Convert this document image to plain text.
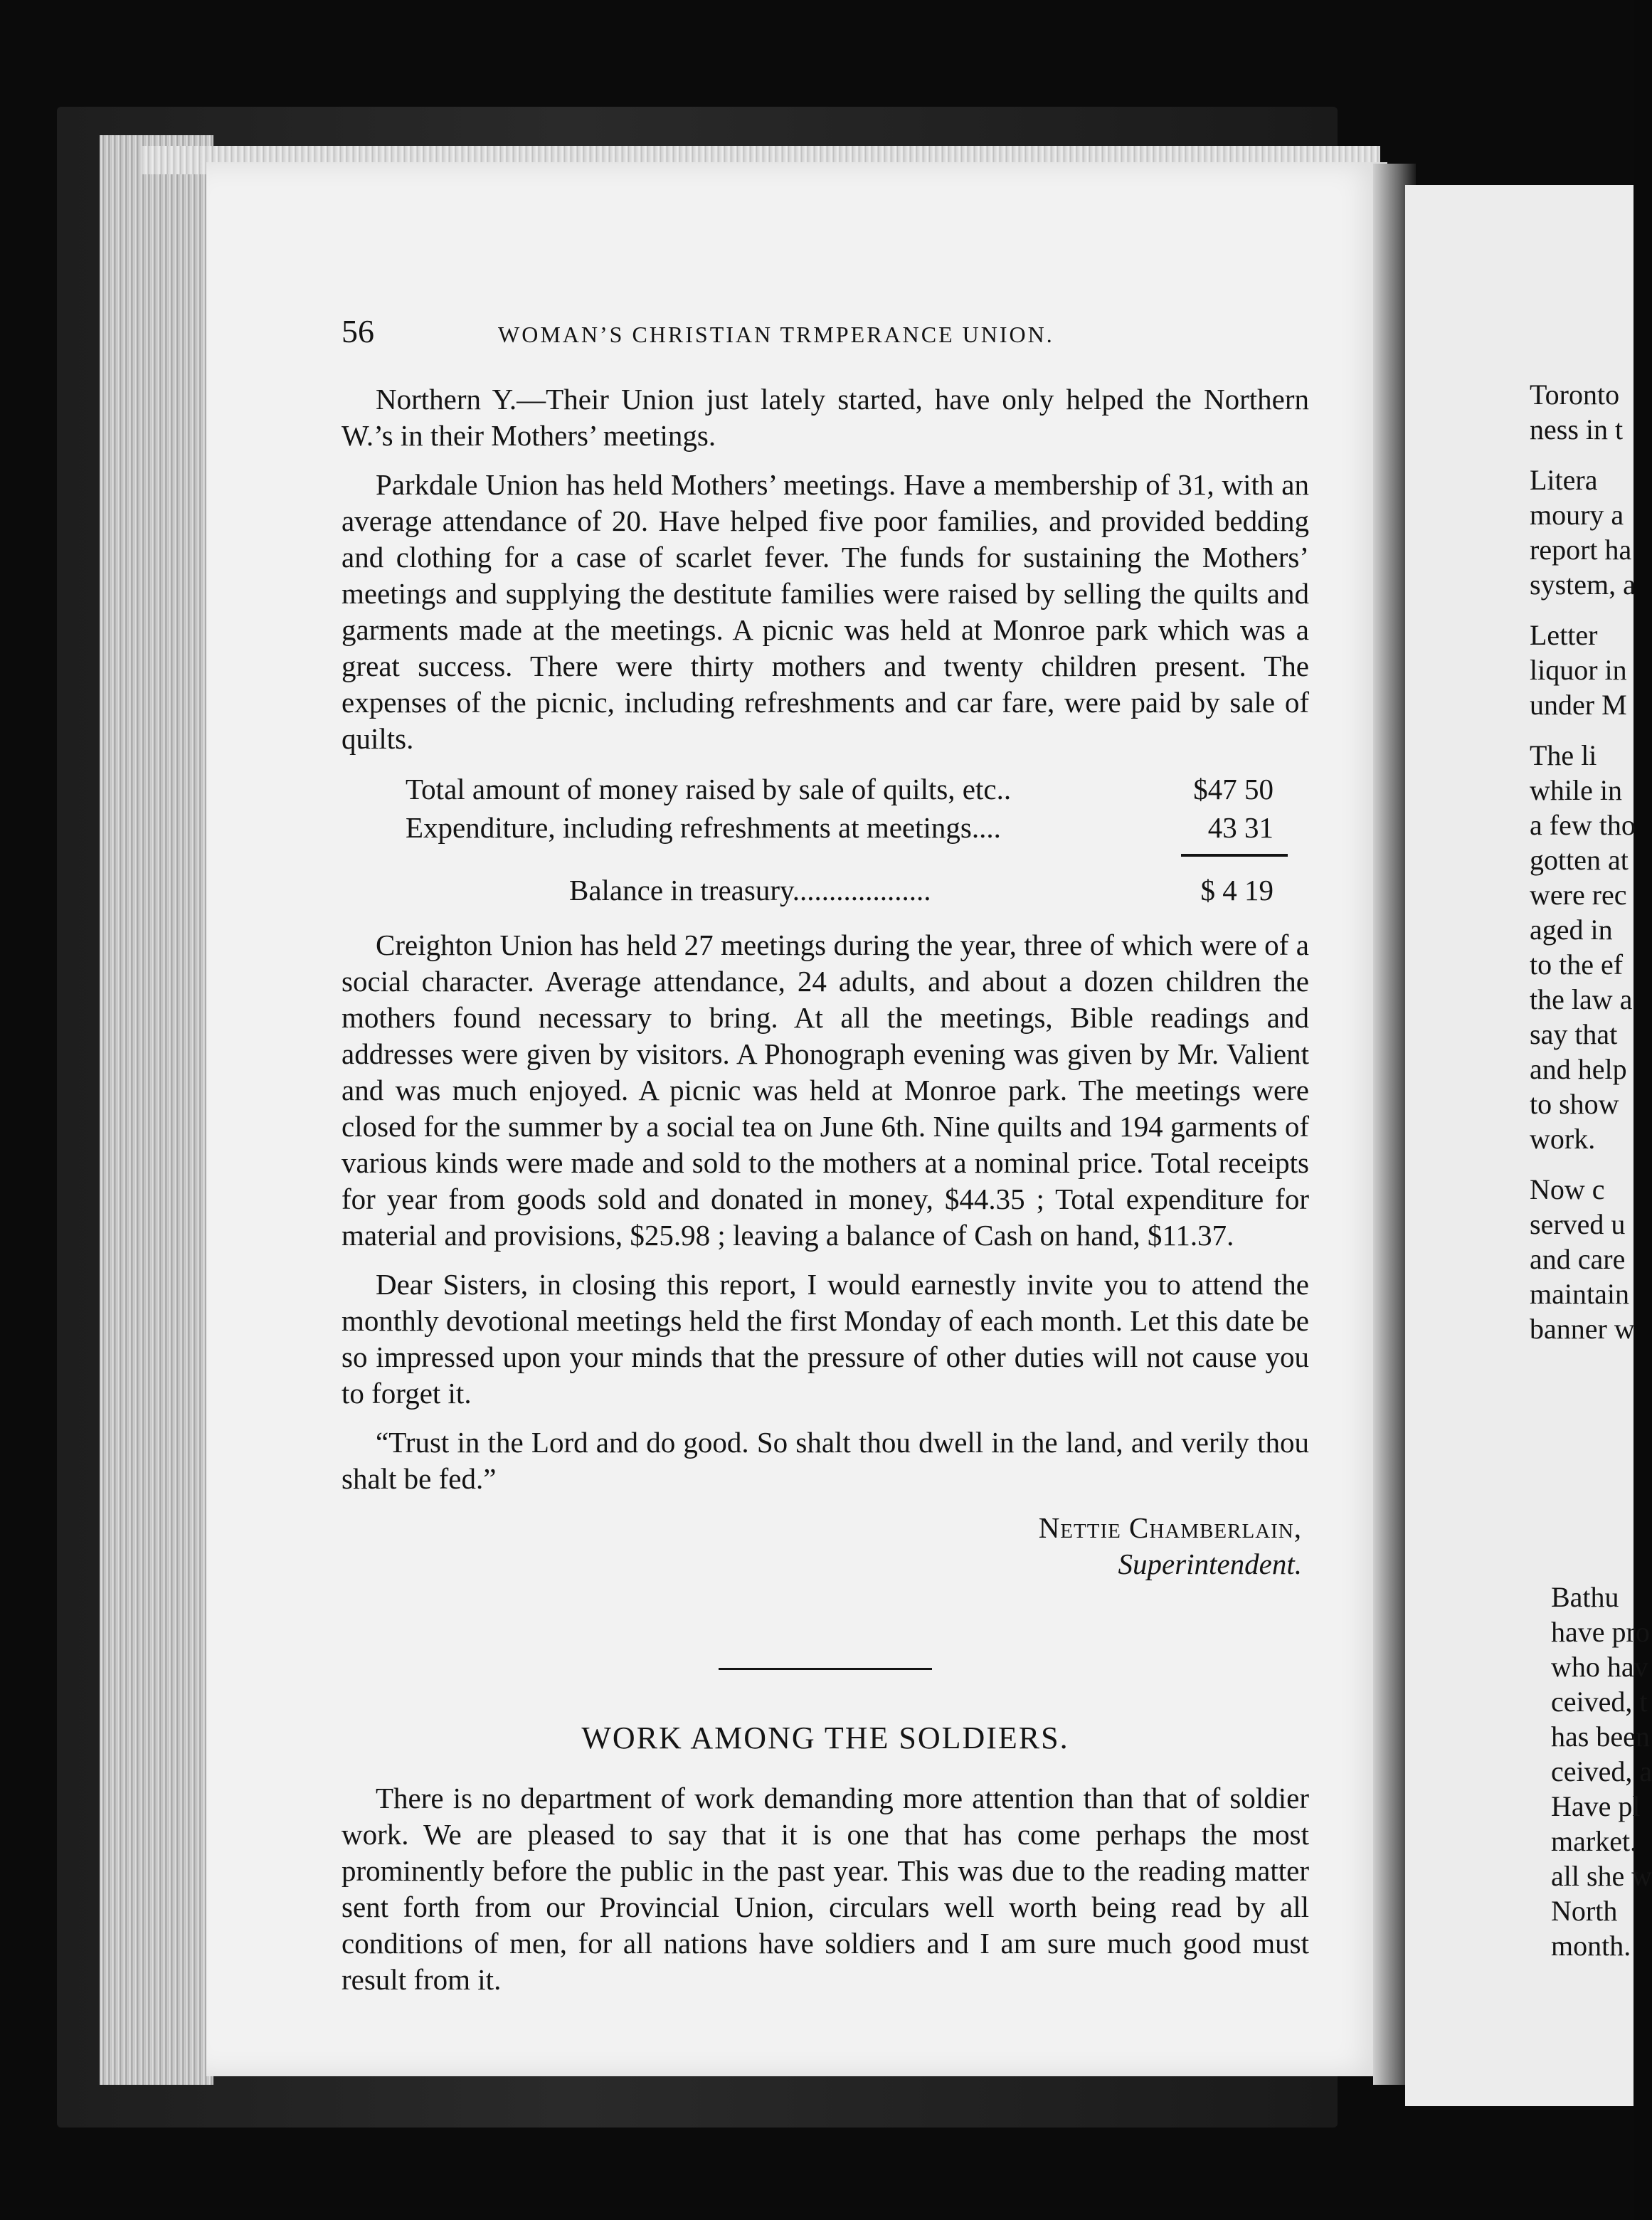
56	WOMAN’S CHRISTIAN TRMPERANCE UNION.

Northern Y.—Their Union just lately started, have only helped the Northern W.’s in their Mothers’ meetings.

Parkdale Union has held Mothers’ meetings. Have a membership of 31, with an average attendance of 20. Have helped five poor families, and provided bedding and clothing for a case of scarlet fever. The funds for sustaining the Mothers’ meetings and supplying the destitute families were raised by selling the quilts and garments made at the meetings. A picnic was held at Monroe park which was a great success. There were thirty mothers and twenty children present. The expenses of the picnic, including refreshments and car fare, were paid by sale of quilts.

Total amount of money raised by sale of quilts, etc..	$47 50
Expenditure, including refreshments at meetings....	43 31
Balance in treasury...................	$ 4 19

Creighton Union has held 27 meetings during the year, three of which were of a social character. Average attendance, 24 adults, and about a dozen children the mothers found necessary to bring. At all the meetings, Bible readings and addresses were given by visitors. A Phonograph evening was given by Mr. Valient and was much enjoyed. A picnic was held at Monroe park. The meetings were closed for the summer by a social tea on June 6th. Nine quilts and 194 garments of various kinds were made and sold to the mothers at a nominal price. Total receipts for year from goods sold and donated in money, $44.35 ; Total expenditure for material and provisions, $25.98 ; leaving a balance of Cash on hand, $11.37.

Dear Sisters, in closing this report, I would earnestly invite you to attend the monthly devotional meetings held the first Monday of each month. Let this date be so impressed upon your minds that the pressure of other duties will not cause you to forget it.

“Trust in the Lord and do good. So shalt thou dwell in the land, and verily thou shalt be fed.”

Nettie Chamberlain,
Superintendent.
WORK AMONG THE SOLDIERS.

There is no department of work demanding more attention than that of soldier work. We are pleased to say that it is one that has come perhaps the most prominently before the public in the past year. This was due to the reading matter sent forth from our Provincial Union, circulars well worth being read by all conditions of men, for all nations have soldiers and I am sure much good must result from it.

Toronto
ness in t
Litera
moury a
report ha
system, a
Letter
liquor in
under M
The li
while in
a few tho
gotten at
were rec
aged in
to the ef
the law a
say that
and help
to show
work.
Now c
served u
and care
maintain
banner w
Bathu
have pro
who hav
ceived, t
has been
ceived, a
Have pl
market.
all she w
North
month.
